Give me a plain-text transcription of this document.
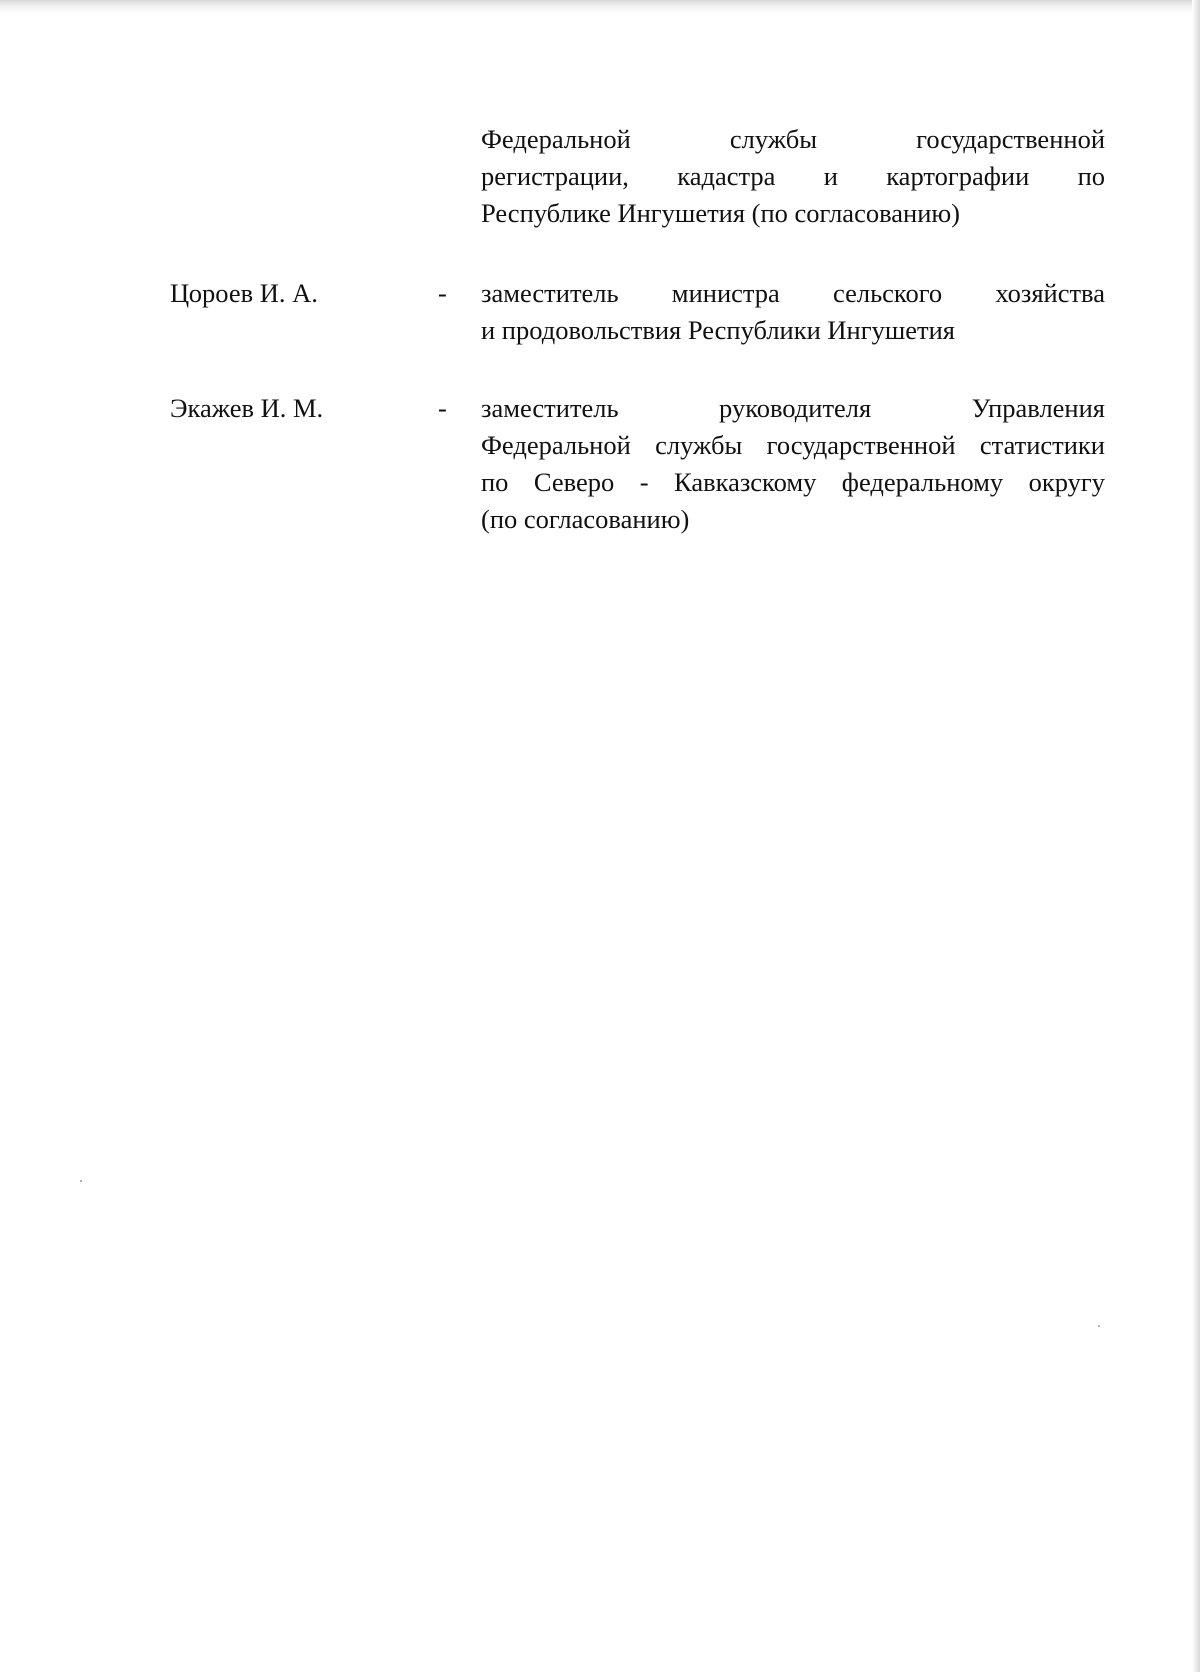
Федеральной службы государственной
регистрации, кадастра и картографии по
Республике Ингушетия (по согласованию)
Цороев И. А.	- заместитель министра сельского хозяйства
и продовольствия Республики Ингушетия
Экажев И. М.	- заместитель руководителя Управления
Федеральной службы государственной статистики
по Северо - Кавказскому федеральному округу
(по согласованию)
